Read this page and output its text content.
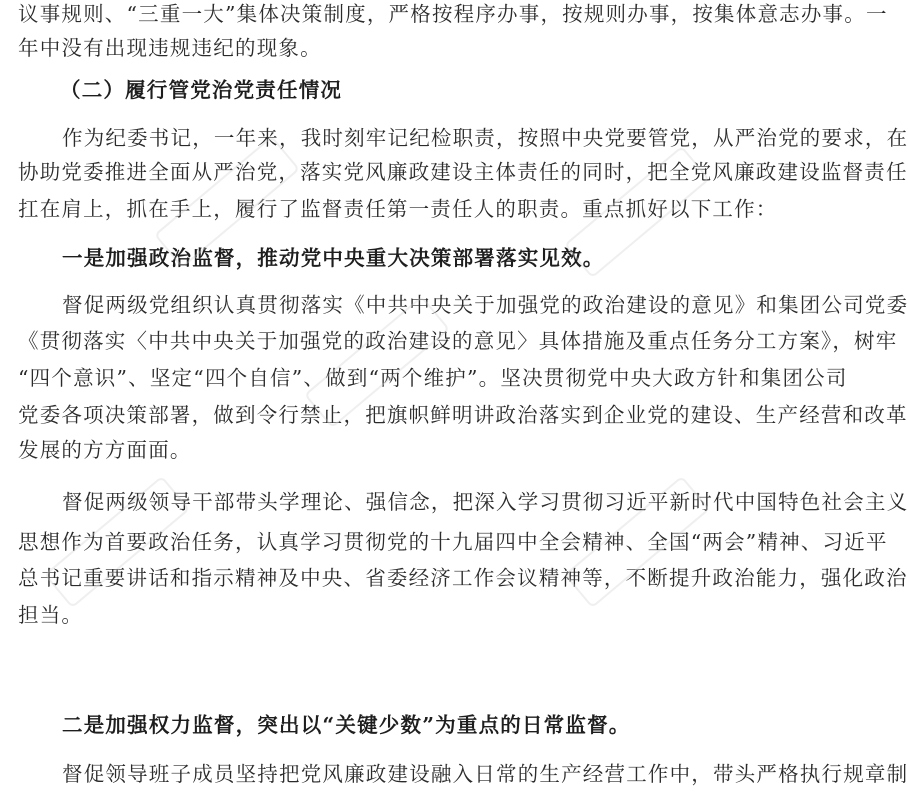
议事规则、“三重一大”集体决策制度，严格按程序办事，按规则办事，按集体意志办事。一
年中没有出现违规违纪的现象。
（二）履行管党治党责任情况
作为纪委书记，一年来，我时刻牢记纪检职责，按照中央党要管党，从严治党的要求，在
协助党委推进全面从严治党，落实党风廉政建设主体责任的同时，把全党风廉政建设监督责任
扛在肩上，抓在手上，履行了监督责任第一责任人的职责。重点抓好以下工作：
一是加强政治监督，推动党中央重大决策部署落实见效。
督促两级党组织认真贯彻落实《中共中央关于加强党的政治建设的意见》和集团公司党委
《贯彻落实〈中共中央关于加强党的政治建设的意见〉具体措施及重点任务分工方案》，树牢
“四个意识”、坚定“四个自信”、做到“两个维护”。坚决贯彻党中央大政方针和集团公司
党委各项决策部署，做到令行禁止，把旗帜鲜明讲政治落实到企业党的建设、生产经营和改革
发展的方方面面。
督促两级领导干部带头学理论、强信念，把深入学习贯彻习近平新时代中国特色社会主义
思想作为首要政治任务，认真学习贯彻党的十九届四中全会精神、全国“两会”精神、习近平
总书记重要讲话和指示精神及中央、省委经济工作会议精神等，不断提升政治能力，强化政治
担当。
二是加强权力监督，突出以“关键少数”为重点的日常监督。
督促领导班子成员坚持把党风廉政建设融入日常的生产经营工作中，带头严格执行规章制
